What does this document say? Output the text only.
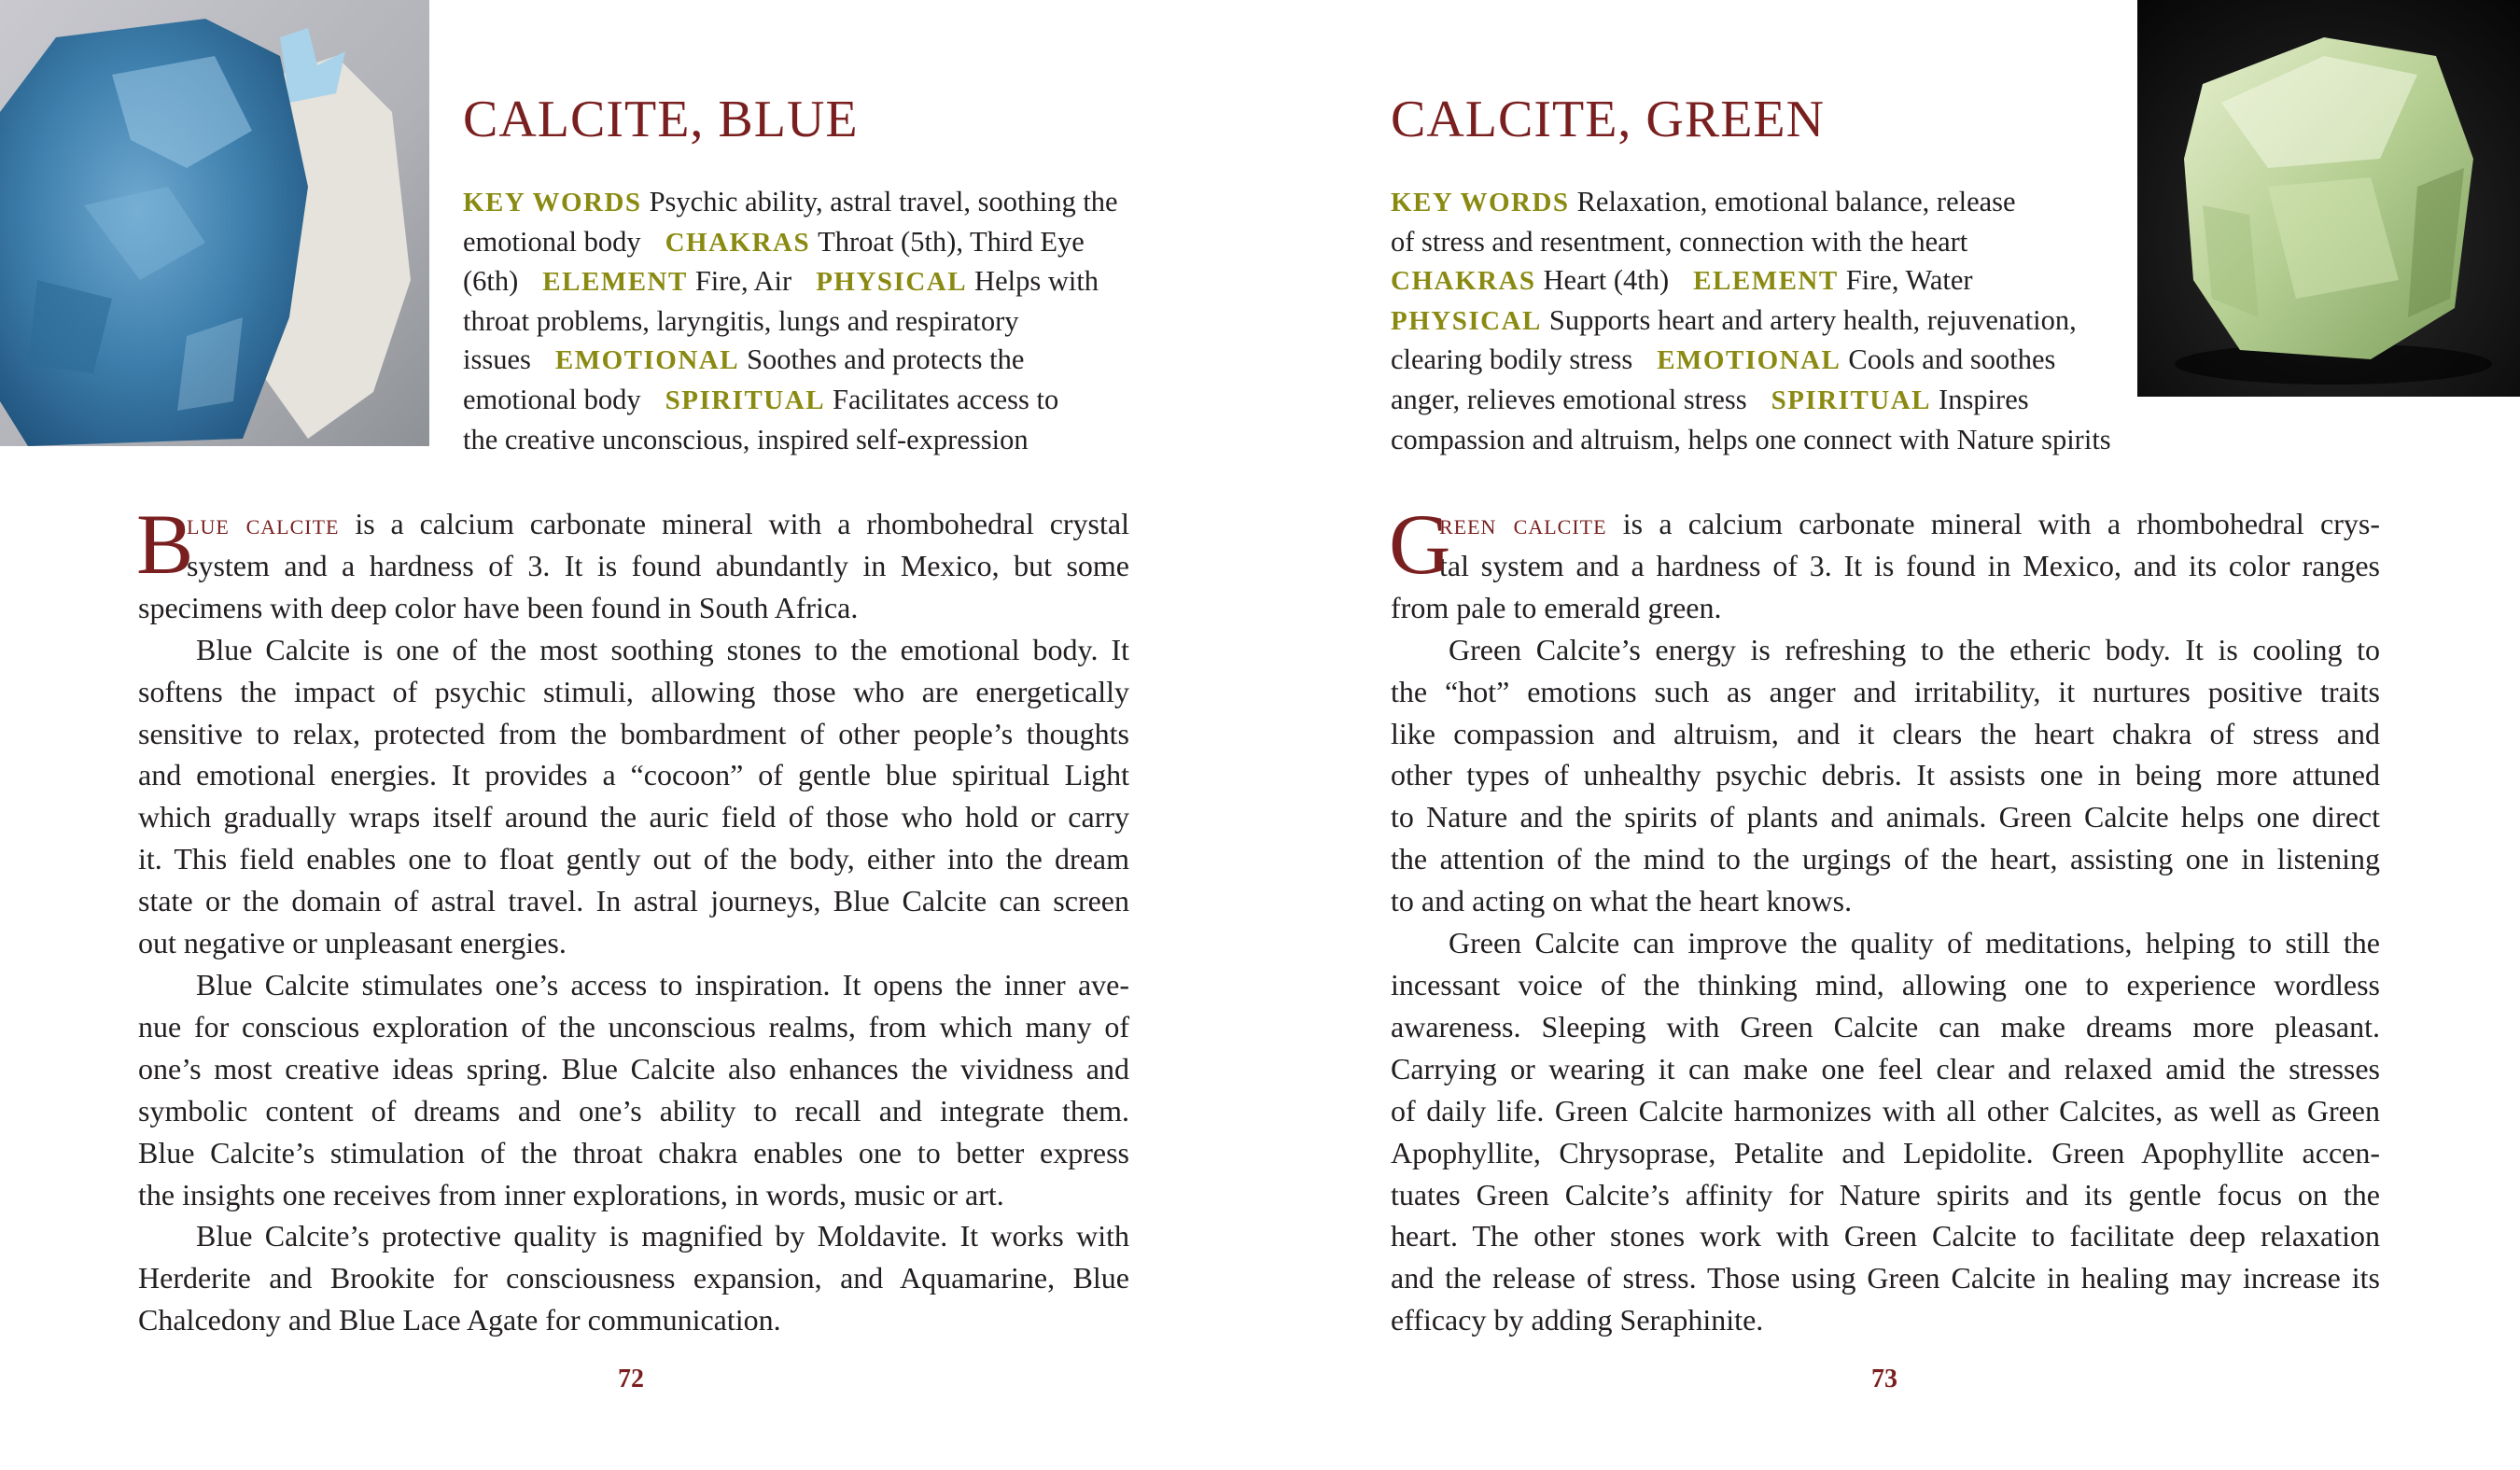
CALCITE, BLUE
KEY WORDS Psychic ability, astral travel, soothing the
emotional body CHAKRAS Throat (5th), Third Eye
(6th) ELEMENT Fire, Air PHYSICAL Helps with
throat problems, laryngitis, lungs and respiratory
issues EMOTIONAL Soothes and protects the
emotional body SPIRITUAL Facilitates access to
the creative unconscious, inspired self-expression
B
lue calcite is a calcium carbonate mineral with a rhombohedral crystal
system and a hardness of 3. It is found abundantly in Mexico, but some
specimens with deep color have been found in South Africa.
Blue Calcite is one of the most soothing stones to the emotional body. It
softens the impact of psychic stimuli, allowing those who are energetically
sensitive to relax, protected from the bombardment of other people’s thoughts
and emotional energies. It provides a “cocoon” of gentle blue spiritual Light
which gradually wraps itself around the auric field of those who hold or carry
it. This field enables one to float gently out of the body, either into the dream
state or the domain of astral travel. In astral journeys, Blue Calcite can screen
out negative or unpleasant energies.
Blue Calcite stimulates one’s access to inspiration. It opens the inner ave-
nue for conscious exploration of the unconscious realms, from which many of
one’s most creative ideas spring. Blue Calcite also enhances the vividness and
symbolic content of dreams and one’s ability to recall and integrate them.
Blue Calcite’s stimulation of the throat chakra enables one to better express
the insights one receives from inner explorations, in words, music or art.
Blue Calcite’s protective quality is magnified by Moldavite. It works with
Herderite and Brookite for consciousness expansion, and Aquamarine, Blue
Chalcedony and Blue Lace Agate for communication.
72
CALCITE, GREEN
KEY WORDS Relaxation, emotional balance, release
of stress and resentment, connection with the heart
CHAKRAS Heart (4th) ELEMENT Fire, Water
PHYSICAL Supports heart and artery health, rejuvenation,
clearing bodily stress EMOTIONAL Cools and soothes
anger, relieves emotional stress SPIRITUAL Inspires
compassion and altruism, helps one connect with Nature spirits
G
reen calcite is a calcium carbonate mineral with a rhombohedral crys-
tal system and a hardness of 3. It is found in Mexico, and its color ranges
from pale to emerald green.
Green Calcite’s energy is refreshing to the etheric body. It is cooling to
the “hot” emotions such as anger and irritability, it nurtures positive traits
like compassion and altruism, and it clears the heart chakra of stress and
other types of unhealthy psychic debris. It assists one in being more attuned
to Nature and the spirits of plants and animals. Green Calcite helps one direct
the attention of the mind to the urgings of the heart, assisting one in listening
to and acting on what the heart knows.
Green Calcite can improve the quality of meditations, helping to still the
incessant voice of the thinking mind, allowing one to experience wordless
awareness. Sleeping with Green Calcite can make dreams more pleasant.
Carrying or wearing it can make one feel clear and relaxed amid the stresses
of daily life. Green Calcite harmonizes with all other Calcites, as well as Green
Apophyllite, Chrysoprase, Petalite and Lepidolite. Green Apophyllite accen-
tuates Green Calcite’s affinity for Nature spirits and its gentle focus on the
heart. The other stones work with Green Calcite to facilitate deep relaxation
and the release of stress. Those using Green Calcite in healing may increase its
efficacy by adding Seraphinite.
73
